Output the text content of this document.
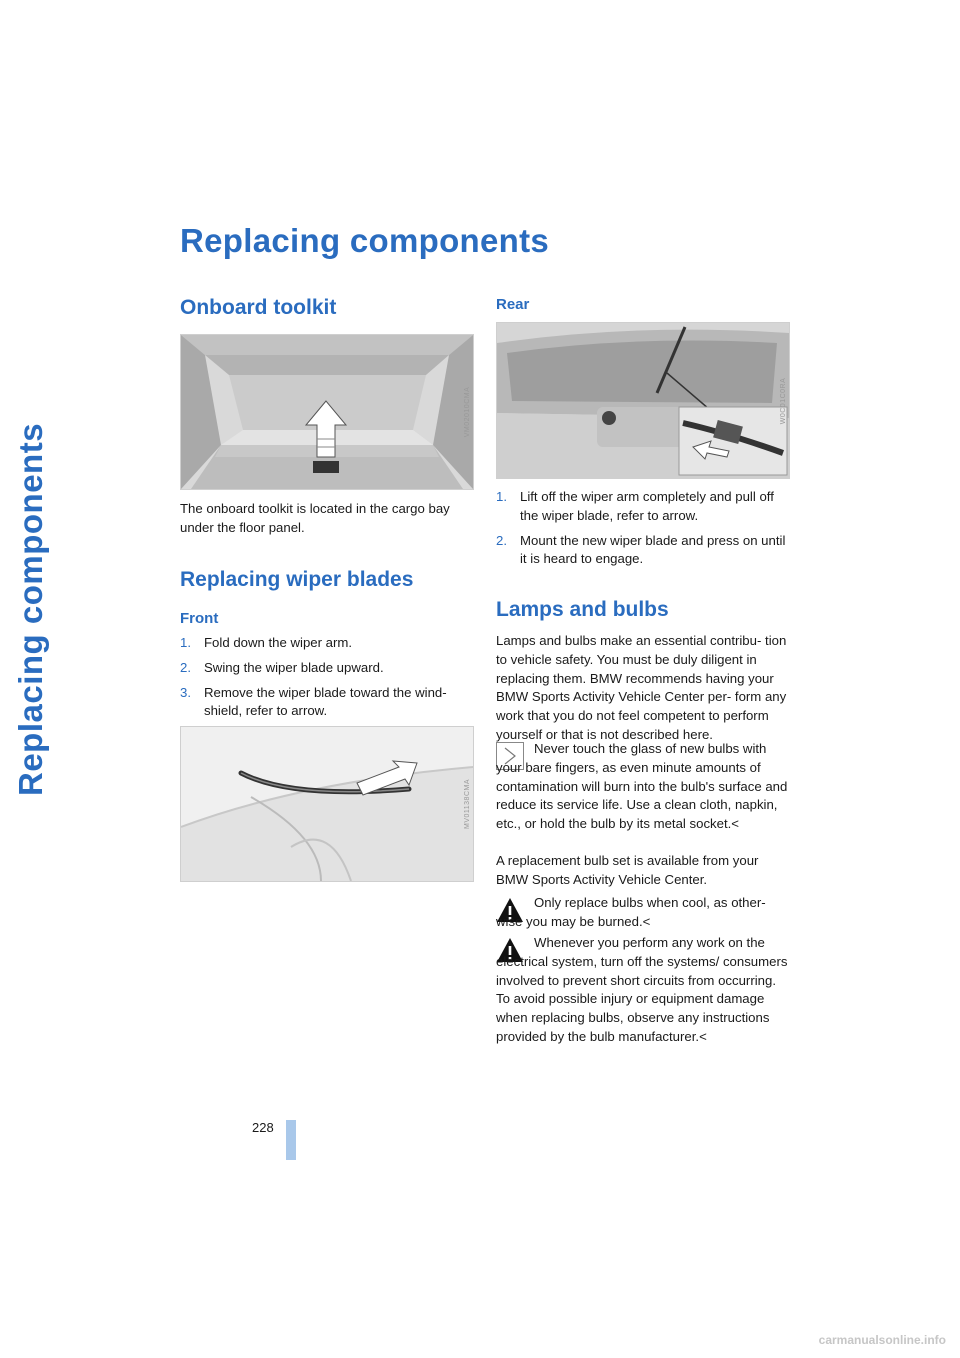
Replacing components
Replacing components
Onboard toolkit
VM02010CMA

The onboard toolkit is located in the cargo bay under the floor panel.

Replacing wiper blades
Front
1. Fold down the wiper arm.
2. Swing the wiper blade upward.
3. Remove the wiper blade toward the wind- shield, refer to arrow.
MV01138CMA
Rear
W0C01C0RA
1. Lift off the wiper arm completely and pull off the wiper blade, refer to arrow.
2. Mount the new wiper blade and press on until it is heard to engage.
Lamps and bulbs

Lamps and bulbs make an essential contribu- tion to vehicle safety. You must be duly diligent in replacing them. BMW recommends having your BMW Sports Activity Vehicle Center per- form any work that you do not feel competent to perform yourself or that is not described here.

Never touch the glass of new bulbs with your bare fingers, as even minute amounts of contamination will burn into the bulb's surface and reduce its service life. Use a clean cloth, napkin, etc., or hold the bulb by its metal socket.<

A replacement bulb set is available from your BMW Sports Activity Vehicle Center.

Only replace bulbs when cool, as other- wise you may be burned.<

Whenever you perform any work on the electrical system, turn off the systems/ consumers involved to prevent short circuits from occurring. To avoid possible injury or equipment damage when replacing bulbs, observe any instructions provided by the bulb manufacturer.<

228
carmanualsonline.info
